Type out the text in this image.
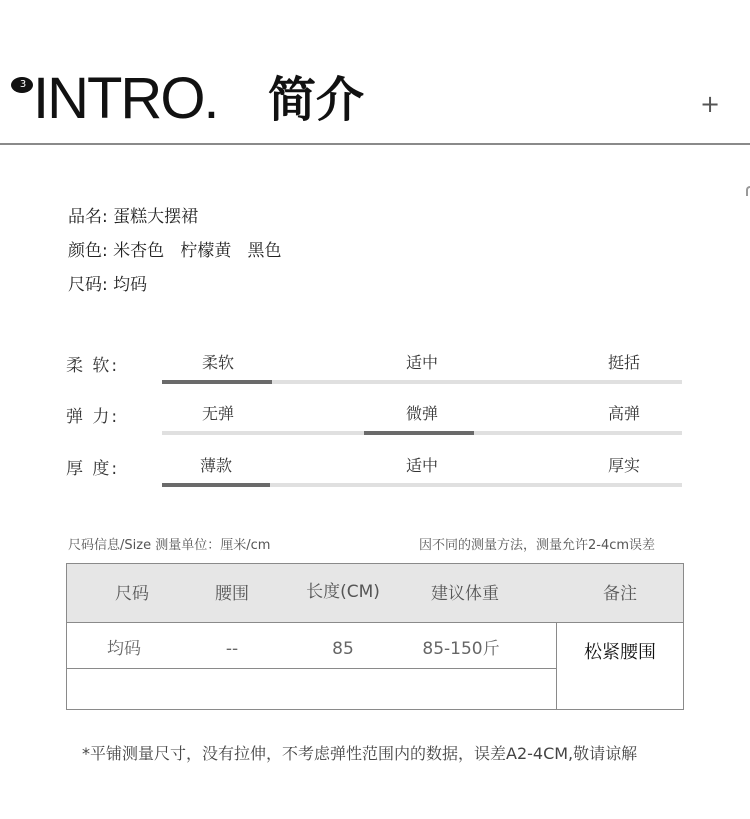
3 INTRO. 简介	+
品名: 蛋糕大摆裙
颜色: 米杏色   柠檬黄   黑色
尺码: 均码
柔 软:	柔软	适中	挺括
弹 力:	无弹	微弹	高弹
厚 度:	薄款	适中	厚实
尺码信息/Size 测量单位：厘米/cm	因不同的测量方法，测量允许2-4cm误差
尺码	腰围	长度(CM)	建议体重	备注
均码	--	85	85-150斤	松紧腰围
*平铺测量尺寸，没有拉伸，不考虑弹性范围内的数据，误差A2-4CM,敬请谅解
